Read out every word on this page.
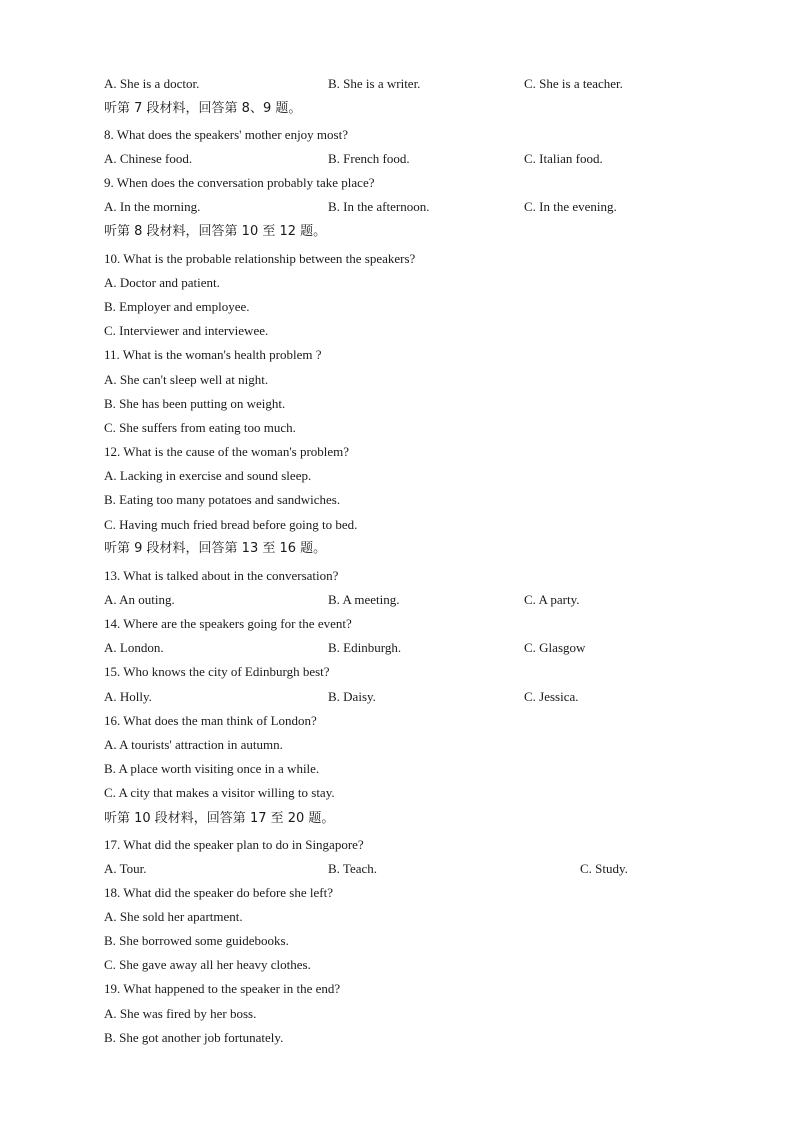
A. She is a doctor.	B. She is a writer.	C. She is a teacher.
听第 7 段材料，回答第 8、9 题。
8. What does the speakers' mother enjoy most?
A. Chinese food.	B. French food.	C. Italian food.
9. When does the conversation probably take place?
A. In the morning.	B. In the afternoon.	C. In the evening.
听第 8 段材料，回答第 10 至 12 题。
10. What is the probable relationship between the speakers?
A. Doctor and patient.
B. Employer and employee.
C. Interviewer and interviewee.
11. What is the woman's health problem ?
A. She can't sleep well at night.
B. She has been putting on weight.
C. She suffers from eating too much.
12. What is the cause of the woman's problem?
A. Lacking in exercise and sound sleep.
B. Eating too many potatoes and sandwiches.
C. Having much fried bread before going to bed.
听第 9 段材料，回答第 13 至 16 题。
13. What is talked about in the conversation?
A. An outing.	B. A meeting.	C. A party.
14. Where are the speakers going for the event?
A. London.	B. Edinburgh.	C. Glasgow
15. Who knows the city of Edinburgh best?
A. Holly.	B. Daisy.	C. Jessica.
16. What does the man think of London?
A. A tourists' attraction in autumn.
B. A place worth visiting once in a while.
C. A city that makes a visitor willing to stay.
听第 10 段材料，回答第 17 至 20 题。
17. What did the speaker plan to do in Singapore?
A. Tour.	B. Teach.	C. Study.
18. What did the speaker do before she left?
A. She sold her apartment.
B. She borrowed some guidebooks.
C. She gave away all her heavy clothes.
19. What happened to the speaker in the end?
A. She was fired by her boss.
B. She got another job fortunately.
